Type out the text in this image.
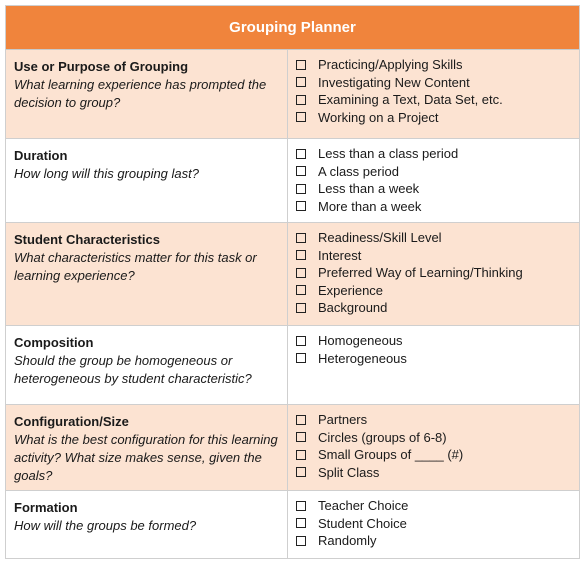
Grouping Planner
Use or Purpose of Grouping
What learning experience has prompted the decision to group?
Practicing/Applying Skills
Investigating New Content
Examining a Text, Data Set, etc.
Working on a Project
Duration
How long will this grouping last?
Less than a class period
A class period
Less than a week
More than a week
Student Characteristics
What characteristics matter for this task or learning experience?
Readiness/Skill Level
Interest
Preferred Way of Learning/Thinking
Experience
Background
Composition
Should the group be homogeneous or heterogeneous by student characteristic?
Homogeneous
Heterogeneous
Configuration/Size
What is the best configuration for this learning activity? What size makes sense, given the goals?
Partners
Circles (groups of 6-8)
Small Groups of ____ (#)
Split Class
Formation
How will the groups be formed?
Teacher Choice
Student Choice
Randomly
